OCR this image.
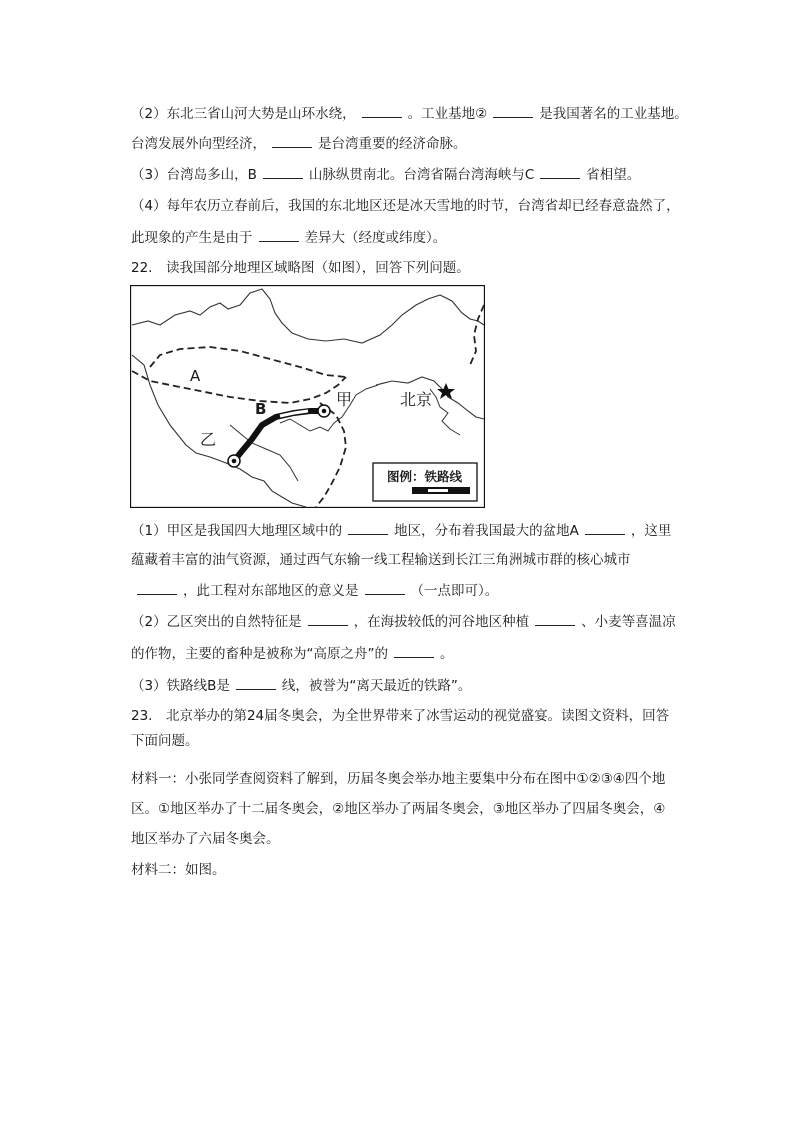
（2）东北三省山河大势是山环水绕，	。工业基地②	是我国著名的工业基地。
台湾发展外向型经济，	是台湾重要的经济命脉。
（3）台湾岛多山，B	山脉纵贯南北。台湾省隔台湾海峡与C	省相望。
（4）每年农历立春前后，我国的东北地区还是冰天雪地的时节，台湾省却已经春意盎然了，
此现象的产生是由于	差异大（经度或纬度）。
22.　读我国部分地理区域略图（如图），回答下列问题。
（1）甲区是我国四大地理区域中的	地区，分布着我国最大的盆地A	，这里
蕴藏着丰富的油气资源，通过西气东输一线工程输送到长江三角洲城市群的核心城市
，此工程对东部地区的意义是	（一点即可）。
（2）乙区突出的自然特征是	，在海拔较低的河谷地区种植	、小麦等喜温凉
的作物，主要的畜种是被称为“高原之舟”的	。
（3）铁路线B是	线，被誉为“离天最近的铁路”。
23.　北京举办的第24届冬奥会，为全世界带来了冰雪运动的视觉盛宴。读图文资料，回答
下面问题。
材料一：小张同学查阅资料了解到，历届冬奥会举办地主要集中分布在图中①②③④四个地
区。①地区举办了十二届冬奥会，②地区举办了两届冬奥会，③地区举办了四届冬奥会，④
地区举办了六届冬奥会。
材料二：如图。
A
B
乙
甲	北京
图例：铁路线
